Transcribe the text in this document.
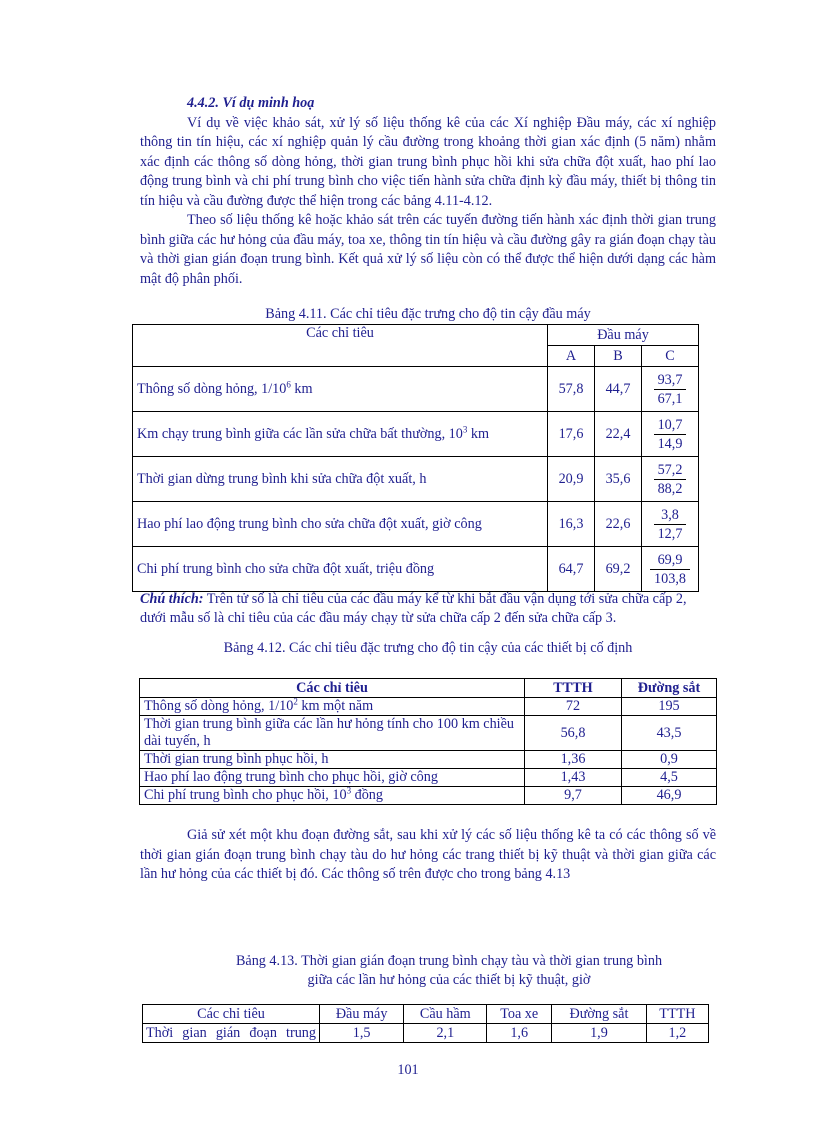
4.4.2. Ví dụ minh hoạ

Ví dụ về việc khảo sát, xử lý số liệu thống kê của các Xí nghiệp Đầu máy, các xí nghiệp thông tin tín hiệu, các xí nghiệp quản lý cầu đường trong khoảng thời gian xác định (5 năm) nhằm xác định các thông số dòng hỏng, thời gian trung bình phục hồi khi sửa chữa đột xuất, hao phí lao động trung bình và chi phí trung bình cho việc tiến hành sửa chữa định kỳ đầu máy, thiết bị thông tin tín hiệu và cầu đường được thể hiện trong các bảng 4.11-4.12.

Theo số liệu thống kê hoặc khảo sát trên các tuyến đường tiến hành xác định thời gian trung bình giữa các hư hỏng của đầu máy, toa xe, thông tin tín hiệu và cầu đường gây ra gián đoạn chạy tàu và thời gian gián đoạn trung bình. Kết quả xử lý số liệu còn có thể được thể hiện dưới dạng các hàm mật độ phân phối.

Bảng 4.11. Các chỉ tiêu đặc trưng cho độ tin cậy đầu máy

Các chỉ tiêu	Đầu máy		
	A	B	C
Thông số dòng hỏng, $1/10^6$ km	57,8	44,7	$\frac{93,7}{67,1}$

Km chạy trung bình giữa các lần sửa chữa bất thường, $10^3$ km	17,6	22,4	$\frac{10,7}{14,9}$

Thời gian dừng trung bình khi sửa chữa đột xuất, h	20,9	35,6	$\frac{57,2}{88,2}$

Hao phí lao động trung bình cho sửa chữa đột xuất, giờ công	16,3	22,6	$\frac{3,8}{12,7}$

Chi phí trung bình cho sửa chữa đột xuất, triệu đồng	64,7	69,2	$\frac{69,9}{103,8}$
Chú thích: Trên tử số là chỉ tiêu của các đầu máy kể từ khi bắt đầu vận dụng tới sửa chữa cấp 2, dưới mẫu số là chỉ tiêu của các đầu máy chạy từ sửa chữa cấp 2 đến sửa chữa cấp 3.
Bảng 4.12. Các chỉ tiêu đặc trưng cho độ tin cậy của các thiết bị cố định
Các chỉ tiêu	TTTH	Đường sắt
Thông số dòng hỏng, $1/10^2$ km một năm	72	195
Thời gian trung bình giữa các lần hư hỏng tính cho 100 km chiều dài tuyến, h	56,8	43,5
Thời gian trung bình phục hồi, h	1,36	0,9
Hao phí lao động trung bình cho phục hồi, giờ công	1,43	4,5
Chi phí trung bình cho phục hồi, $10^3$ đồng	9,7	46,9

Giả sử xét một khu đoạn đường sắt, sau khi xử lý các số liệu thống kê ta có các thông số về thời gian gián đoạn trung bình chạy tàu do hư hỏng các trang thiết bị kỹ thuật và thời gian giữa các lần hư hỏng của các thiết bị đó. Các thông số trên được cho trong bảng 4.13

Bảng 4.13. Thời gian gián đoạn trung bình chạy tàu và thời gian trung bình
giữa các lần hư hỏng của các thiết bị kỹ thuật, giờ
Các chỉ tiêu	Đầu máy	Cầu hầm	Toa xe	Đường sắt	TTTH
Thời gian gián đoạn trung	1,5	2,1	1,6	1,9	1,2
101
